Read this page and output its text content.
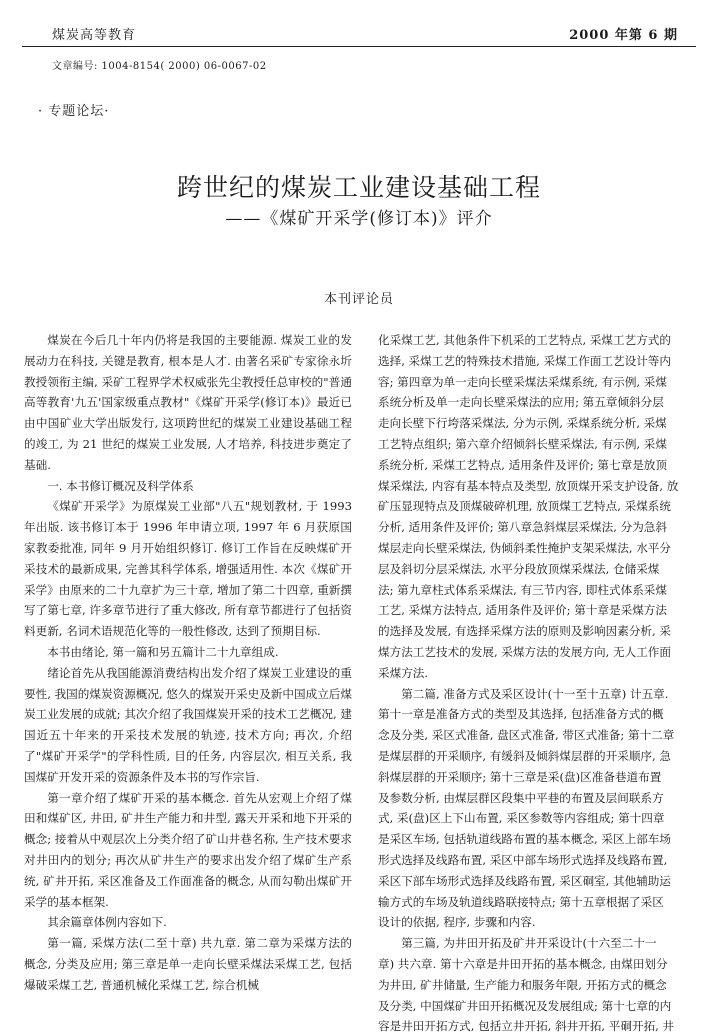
煤炭高等教育	2000 年第 6 期
文章编号: 1004-8154( 2000) 06-0067-02
· 专题论坛·
跨世纪的煤炭工业建设基础工程
——《煤矿开采学(修订本)》评介
本刊评论员

煤炭在今后几十年内仍将是我国的主要能源. 煤炭工业的发展动力在科技, 关键是教育, 根本是人才. 由著名采矿专家徐永圻教授领衔主编, 采矿工程界学术权威张先尘教授任总审校的"普通高等教育'九五'国家级重点教材"《煤矿开采学(修订本)》最近已由中国矿业大学出版发行, 这项跨世纪的煤炭工业建设基础工程的竣工, 为 21 世纪的煤炭工业发展, 人才培养, 科技进步奠定了基础.

一. 本书修订概况及科学体系

《煤矿开采学》为原煤炭工业部"八五"规划教材, 于 1993 年出版. 该书修订本于 1996 年申请立项, 1997 年 6 月获原国家教委批准, 同年 9 月开始组织修订. 修订工作旨在反映煤矿开采技术的最新成果, 完善其科学体系, 增强适用性. 本次《煤矿开采学》由原来的二十九章扩为三十章, 增加了第二十四章, 重新撰写了第七章, 许多章节进行了重大修改, 所有章节都进行了包括资料更新, 名词术语规范化等的一般性修改, 达到了预期目标.

本书由绪论, 第一篇和另五篇计二十九章组成.

绪论首先从我国能源消费结构出发介绍了煤炭工业建设的重要性, 我国的煤炭资源概况, 悠久的煤炭开采史及新中国成立后煤炭工业发展的成就; 其次介绍了我国煤炭开采的技术工艺概况, 建国近五十年来的开采技术发展的轨迹, 技术方向; 再次, 介绍了"煤矿开采学"的学科性质, 目的任务, 内容层次, 相互关系, 我国煤矿开发开采的资源条件及本书的写作宗旨.

第一章介绍了煤矿开采的基本概念. 首先从宏观上介绍了煤田和煤矿区, 井田, 矿井生产能力和井型, 露天开采和地下开采的概念; 接着从中观层次上分类介绍了矿山井巷名称, 生产技术要求对井田内的划分; 再次从矿井生产的要求出发介绍了煤矿生产系统, 矿井开拓, 采区准备及工作面准备的概念, 从而勾勒出煤矿开采学的基本框架.

其余篇章体例内容如下.

第一篇, 采煤方法(二至十章) 共九章. 第二章为采煤方法的概念, 分类及应用; 第三章是单一走向长壁采煤法采煤工艺, 包括爆破采煤工艺, 普通机械化采煤工艺, 综合机械

化采煤工艺, 其他条件下机采的工艺特点, 采煤工艺方式的

选择, 采煤工艺的特殊技术措施, 采煤工作面工艺设计等内

容; 第四章为单一走向长壁采煤法采煤系统, 有示例, 采煤

系统分析及单一走向长壁采煤法的应用; 第五章倾斜分层

走向长壁下行垮落采煤法, 分为示例, 采煤系统分析, 采煤

工艺特点组织; 第六章介绍倾斜长壁采煤法, 有示例, 采煤

系统分析, 采煤工艺特点, 适用条件及评价; 第七章是放顶

煤采煤法, 内容有基本特点及类型, 放顶煤开采支护设备, 放

矿压显现特点及顶煤破碎机理, 放顶煤工艺特点, 采煤系统

分析, 适用条件及评价; 第八章急斜煤层采煤法, 分为急斜

煤层走向长壁采煤法, 伪倾斜柔性掩护支架采煤法, 水平分

层及斜切分层采煤法, 水平分段放顶煤采煤法, 仓储采煤

法; 第九章柱式体系采煤法, 有三节内容, 即柱式体系采煤

工艺, 采煤方法特点, 适用条件及评价; 第十章是采煤方法

的选择及发展, 有选择采煤方法的原则及影响因素分析, 采

煤方法工艺技术的发展, 采煤方法的发展方向, 无人工作面

采煤方法.

第二篇, 准备方式及采区设计(十一至十五章) 计五章.

第十一章是准备方式的类型及其选择, 包括准备方式的概

念及分类, 采区式准备, 盘区式准备, 带区式准备; 第十二章

是煤层群的开采顺序, 有缓斜及倾斜煤层群的开采顺序, 急

斜煤层群的开采顺序; 第十三章是采(盘)区准备巷道布置

及参数分析, 由煤层群区段集中平巷的布置及层间联系方

式, 采(盘)区上下山布置, 采区参数等内容组成; 第十四章

是采区车场, 包括轨道线路布置的基本概念, 采区上部车场

形式选择及线路布置, 采区中部车场形式选择及线路布置,

采区下部车场形式选择及线路布置, 采区硐室, 其他辅助运

输方式的车场及轨道线路联接特点; 第十五章根据了采区

设计的依据, 程序, 步骤和内容.

第三篇, 为井田开拓及矿井开采设计(十六至二十一

章) 共六章. 第十六章是井田开拓的基本概念, 由煤田划分

为井田, 矿井储量, 生产能力和服务年限, 开拓方式的概念

及分类, 中国煤矿井田开拓概况及发展组成; 第十七章的内

容是井田开拓方式, 包括立井开拓, 斜井开拓, 平硐开拓, 井
